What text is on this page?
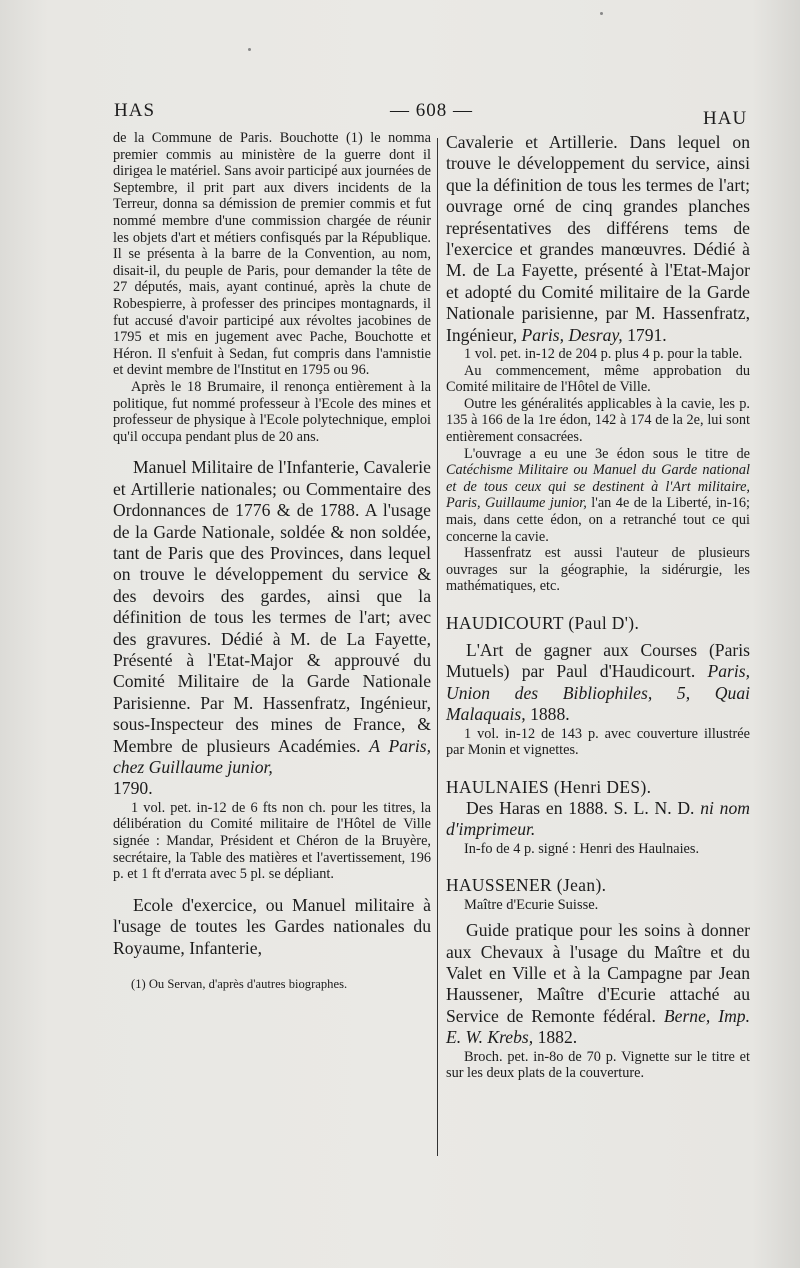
HAS	— 608 —	HAU

de la Commune de Paris. Bouchotte (1) le nomma premier commis au ministère de la guerre dont il dirigea le matériel. Sans avoir participé aux journées de Septembre, il prit part aux divers incidents de la Terreur, donna sa démission de premier commis et fut nommé membre d'une commission chargée de réunir les objets d'art et métiers confisqués par la République. Il se présenta à la barre de la Convention, au nom, disait-il, du peuple de Paris, pour demander la tête de 27 députés, mais, ayant continué, après la chute de Robespierre, à professer des principes montagnards, il fut accusé d'avoir participé aux révoltes jacobines de 1795 et mis en jugement avec Pache, Bouchotte et Héron. Il s'enfuit à Sedan, fut compris dans l'amnistie et devint membre de l'Institut en 1795 ou 96.

Après le 18 Brumaire, il renonça entièrement à la politique, fut nommé professeur à l'Ecole des mines et professeur de physique à l'Ecole polytechnique, emploi qu'il occupa pendant plus de 20 ans.

Manuel Militaire de l'Infanterie, Cavalerie et Artillerie nationales; ou Commentaire des Ordonnances de 1776 & de 1788. A l'usage de la Garde Nationale, soldée & non soldée, tant de Paris que des Provinces, dans lequel on trouve le développement du service & des devoirs des gardes, ainsi que la définition de tous les termes de l'art; avec des gravures. Dédié à M. de La Fayette, Présenté à l'Etat-Major & approuvé du Comité Militaire de la Garde Nationale Parisienne. Par M. Hassenfratz, Ingénieur, sous-Inspecteur des mines de France, & Membre de plusieurs Académies. A Paris, chez Guillaume junior,
1790.

1 vol. pet. in-12 de 6 fts non ch. pour les titres, la délibération du Comité militaire de l'Hôtel de Ville signée : Mandar, Président et Chéron de la Bruyère, secrétaire, la Table des matières et l'avertissement, 196 p. et 1 ft d'errata avec 5 pl. se dépliant.

Ecole d'exercice, ou Manuel militaire à l'usage de toutes les Gardes nationales du Royaume, Infanterie,

(1) Ou Servan, d'après d'autres biographes.

Cavalerie et Artillerie. Dans lequel on trouve le développement du service, ainsi que la définition de tous les termes de l'art; ouvrage orné de cinq grandes planches représentatives des différens tems de l'exercice et grandes manœuvres. Dédié à M. de La Fayette, présenté à l'Etat-Major et adopté du Comité militaire de la Garde Nationale parisienne, par M. Hassenfratz, Ingénieur, Paris, Desray, 1791.

1 vol. pet. in-12 de 204 p. plus 4 p. pour la table.

Au commencement, même approbation du Comité militaire de l'Hôtel de Ville.

Outre les généralités applicables à la cavie, les p. 135 à 166 de la 1re édon, 142 à 174 de la 2e, lui sont entièrement consacrées.

L'ouvrage a eu une 3e édon sous le titre de Catéchisme Militaire ou Manuel du Garde national et de tous ceux qui se destinent à l'Art militaire, Paris, Guillaume junior, l'an 4e de la Liberté, in-16; mais, dans cette édon, on a retranché tout ce qui concerne la cavie.

Hassenfratz est aussi l'auteur de plusieurs ouvrages sur la géographie, la sidérurgie, les mathématiques, etc.

HAUDICOURT (Paul D').

L'Art de gagner aux Courses (Paris Mutuels) par Paul d'Haudicourt. Paris, Union des Bibliophiles, 5, Quai Malaquais, 1888.

1 vol. in-12 de 143 p. avec couverture illustrée par Monin et vignettes.

HAULNAIES (Henri DES).

Des Haras en 1888. S. L. N. D. ni nom d'imprimeur.

In-fo de 4 p. signé : Henri des Haulnaies.

HAUSSENER (Jean).

Maître d'Ecurie Suisse.

Guide pratique pour les soins à donner aux Chevaux à l'usage du Maître et du Valet en Ville et à la Campagne par Jean Haussener, Maître d'Ecurie attaché au Service de Remonte fédéral. Berne, Imp. E. W. Krebs, 1882.

Broch. pet. in-8o de 70 p. Vignette sur le titre et sur les deux plats de la couverture.
